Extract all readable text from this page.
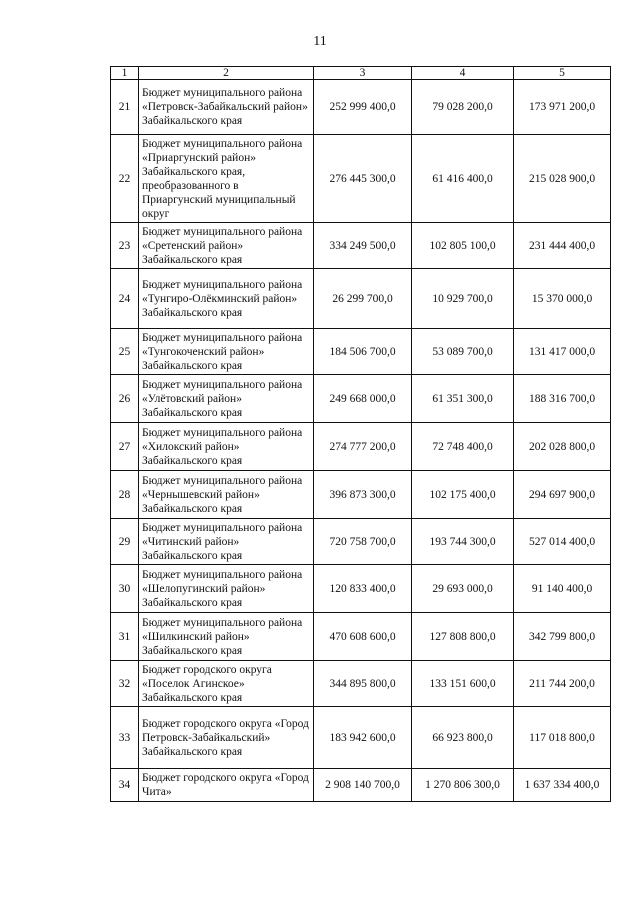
11
1	2	3	4	5
21	Бюджет муниципального района «Петровск-Забайкальский район» Забайкальского края	252 999 400,0	79 028 200,0	173 971 200,0
22	Бюджет муниципального района «Приаргунский район» Забайкальского края, преобразованного в Приаргунский муниципальный округ	276 445 300,0	61 416 400,0	215 028 900,0
23	Бюджет муниципального района «Сретенский район» Забайкальского края	334 249 500,0	102 805 100,0	231 444 400,0
24	Бюджет муниципального района «Тунгиро-Олёкминский район» Забайкальского края	26 299 700,0	10 929 700,0	15 370 000,0
25	Бюджет муниципального района «Тунгокоченский район» Забайкальского края	184 506 700,0	53 089 700,0	131 417 000,0
26	Бюджет муниципального района «Улётовский район» Забайкальского края	249 668 000,0	61 351 300,0	188 316 700,0
27	Бюджет муниципального района «Хилокский район» Забайкальского края	274 777 200,0	72 748 400,0	202 028 800,0
28	Бюджет муниципального района «Чернышевский район» Забайкальского края	396 873 300,0	102 175 400,0	294 697 900,0
29	Бюджет муниципального района «Читинский район» Забайкальского края	720 758 700,0	193 744 300,0	527 014 400,0
30	Бюджет муниципального района «Шелопугинский район» Забайкальского края	120 833 400,0	29 693 000,0	91 140 400,0
31	Бюджет муниципального района «Шилкинский район» Забайкальского края	470 608 600,0	127 808 800,0	342 799 800,0
32	Бюджет городского округа «Поселок Агинское» Забайкальского края	344 895 800,0	133 151 600,0	211 744 200,0
33	Бюджет городского округа «Город Петровск-Забайкальский» Забайкальского края	183 942 600,0	66 923 800,0	117 018 800,0
34	Бюджет городского округа «Город Чита»	2 908 140 700,0	1 270 806 300,0	1 637 334 400,0
